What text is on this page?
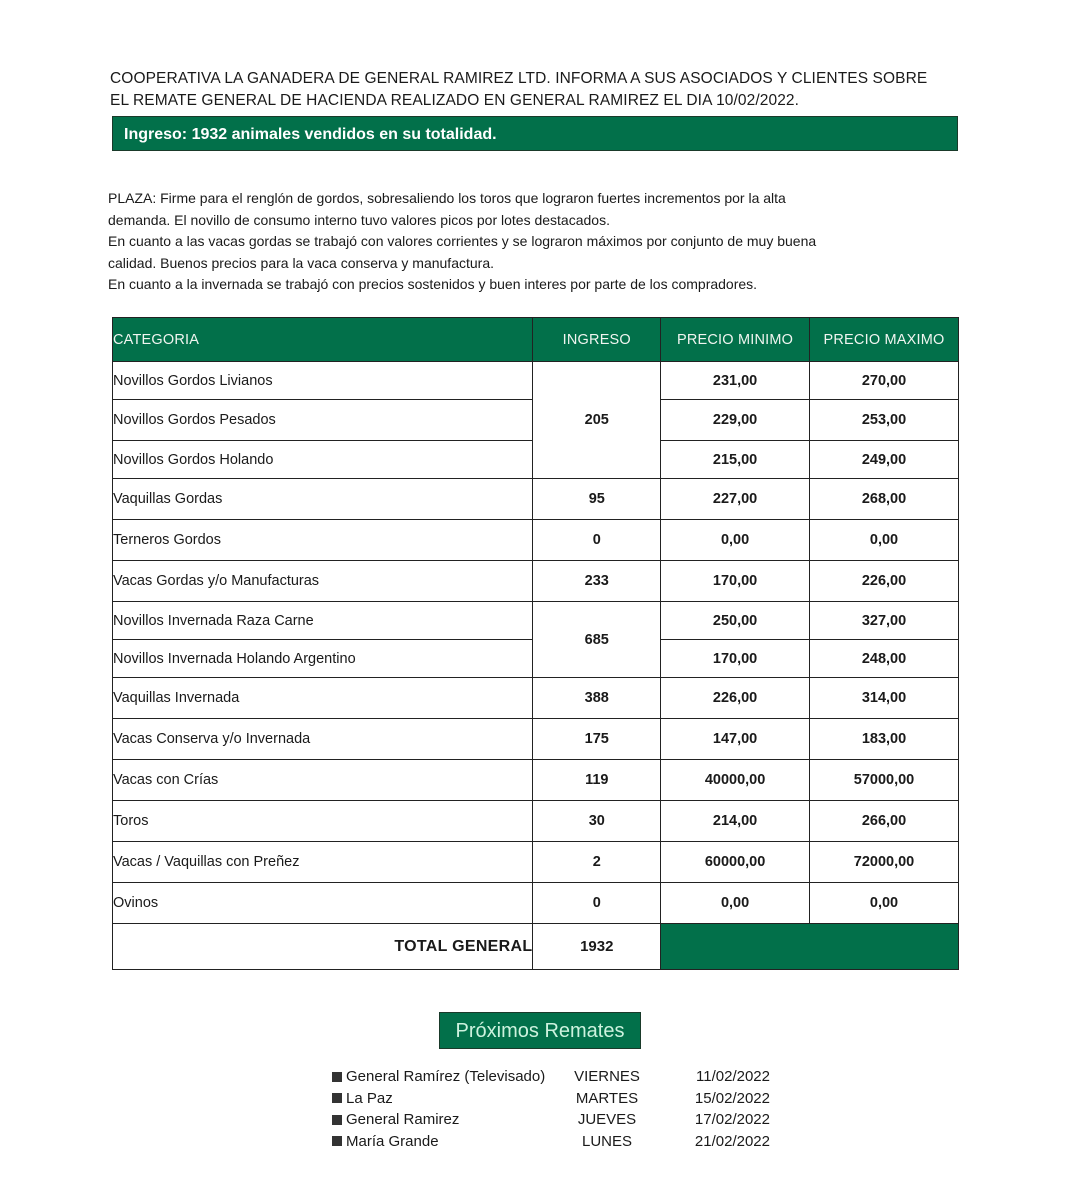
COOPERATIVA LA GANADERA DE GENERAL RAMIREZ LTD. INFORMA A SUS ASOCIADOS Y CLIENTES SOBRE
EL REMATE GENERAL DE HACIENDA REALIZADO EN GENERAL RAMIREZ EL DIA 10/02/2022.
Ingreso: 1932 animales vendidos en su totalidad.

PLAZA: Firme para el renglón de gordos, sobresaliendo los toros que lograron fuertes incrementos por la alta

demanda. El novillo de consumo interno tuvo valores picos por lotes destacados.

En cuanto a las vacas gordas se trabajó con valores corrientes y se lograron máximos por conjunto de muy buena

calidad. Buenos precios para la vaca conserva y manufactura.

En cuanto a la invernada se trabajó con precios sostenidos y buen interes por parte de los compradores.

CATEGORIA	INGRESO	PRECIO MINIMO	PRECIO MAXIMO
Novillos Gordos Livianos	205	231,00	270,00
Novillos Gordos Pesados		229,00	253,00
Novillos Gordos Holando		215,00	249,00
Vaquillas Gordas	95	227,00	268,00
Terneros Gordos	0	0,00	0,00
Vacas Gordas y/o Manufacturas	233	170,00	226,00
Novillos Invernada Raza Carne	685	250,00	327,00
Novillos Invernada Holando Argentino		170,00	248,00
Vaquillas Invernada	388	226,00	314,00
Vacas Conserva y/o Invernada	175	147,00	183,00
Vacas con Crías	119	40000,00	57000,00
Toros	30	214,00	266,00
Vacas / Vaquillas con Preñez	2	60000,00	72000,00
Ovinos	0	0,00	0,00
TOTAL GENERAL	1932		
Próximos Remates
General Ramírez (Televisado)	VIERNES	11/02/2022
La Paz	MARTES	15/02/2022
General Ramirez	JUEVES	17/02/2022
María Grande	LUNES	21/02/2022
